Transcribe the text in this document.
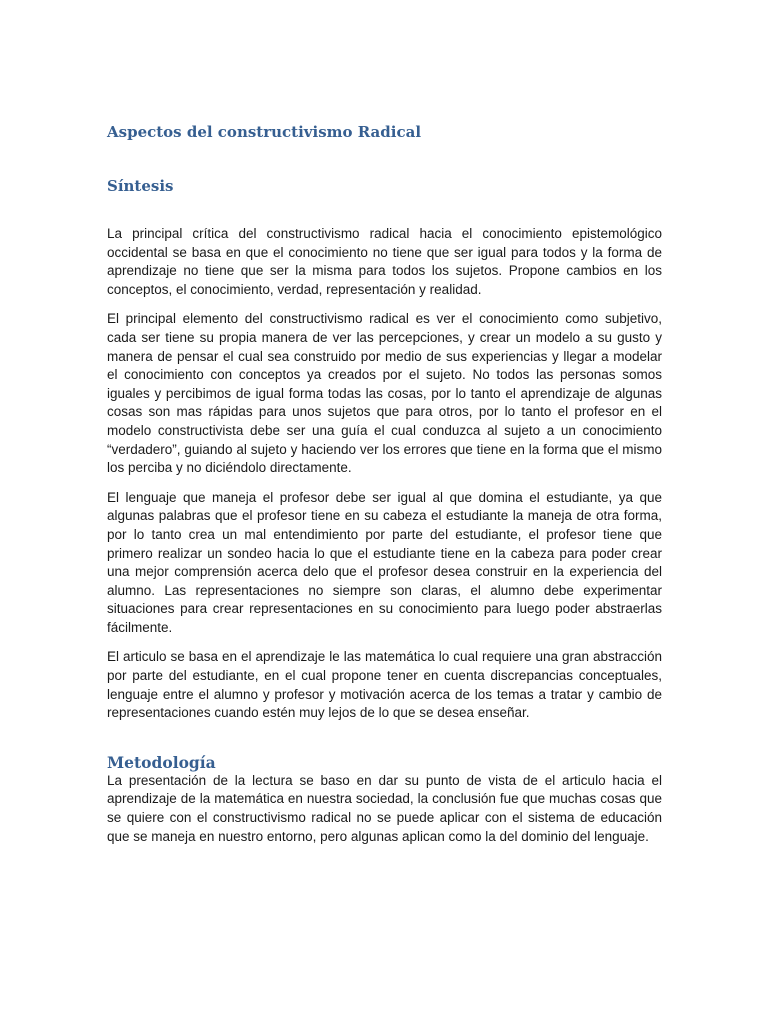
Aspectos del constructivismo Radical
Síntesis

La principal crítica del constructivismo radical hacia el conocimiento epistemológico occidental se basa en que el conocimiento no tiene que ser igual para todos y la forma de aprendizaje no tiene que ser la misma para todos los sujetos. Propone cambios en los conceptos, el conocimiento, verdad, representación y realidad.

El principal elemento del constructivismo radical es ver el conocimiento como subjetivo, cada ser tiene su propia manera de ver las percepciones, y crear un modelo a su gusto y manera de pensar el cual sea construido por medio de sus experiencias y llegar a modelar el conocimiento con conceptos ya creados por el sujeto. No todos las personas somos iguales y percibimos de igual forma todas las cosas, por lo tanto el aprendizaje de algunas cosas son mas rápidas para unos sujetos que para otros, por lo tanto el profesor en el modelo constructivista debe ser una guía el cual conduzca al sujeto a un conocimiento “verdadero”, guiando al sujeto y haciendo ver los errores que tiene en la forma que el mismo los perciba y no diciéndolo directamente.

El lenguaje que maneja el profesor debe ser igual al que domina el estudiante, ya que algunas palabras que el profesor tiene en su cabeza el estudiante la maneja de otra forma, por lo tanto crea un mal entendimiento por parte del estudiante, el profesor tiene que primero realizar un sondeo hacia lo que el estudiante tiene en la cabeza para poder crear una mejor comprensión acerca delo que el profesor desea construir en la experiencia del alumno. Las representaciones no siempre son claras, el alumno debe experimentar situaciones para crear representaciones en su conocimiento para luego poder abstraerlas fácilmente.

El articulo se basa en el aprendizaje le las matemática lo cual requiere una gran abstracción por parte del estudiante, en el cual propone tener en cuenta discrepancias conceptuales, lenguaje entre el alumno y profesor y motivación acerca de los temas a tratar y cambio de representaciones cuando estén muy lejos de lo que se desea enseñar.

Metodología

La presentación de la lectura se baso en dar su punto de vista de el articulo hacia el aprendizaje de la matemática en nuestra sociedad, la conclusión fue que muchas cosas que se quiere con el constructivismo radical no se puede aplicar con el sistema de educación que se maneja en nuestro entorno, pero algunas aplican como la del dominio del lenguaje.
